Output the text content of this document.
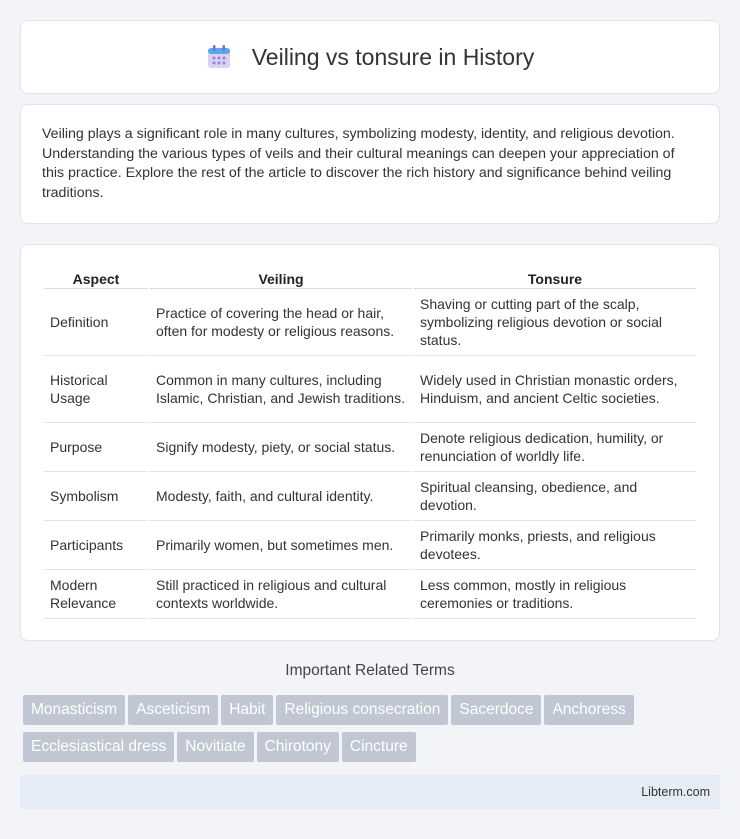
Veiling vs tonsure in History

Veiling plays a significant role in many cultures, symbolizing modesty, identity, and religious devotion. Understanding the various types of veils and their cultural meanings can deepen your appreciation of this practice. Explore the rest of the article to discover the rich history and significance behind veiling traditions.

Aspect	Veiling	Tonsure
Definition	Practice of covering the head or hair, often for modesty or religious reasons.	Shaving or cutting part of the scalp, symbolizing religious devotion or social status.
Historical Usage	Common in many cultures, including Islamic, Christian, and Jewish traditions.	Widely used in Christian monastic orders, Hinduism, and ancient Celtic societies.
Purpose	Signify modesty, piety, or social status.	Denote religious dedication, humility, or renunciation of worldly life.
Symbolism	Modesty, faith, and cultural identity.	Spiritual cleansing, obedience, and devotion.
Participants	Primarily women, but sometimes men.	Primarily monks, priests, and religious devotees.
Modern Relevance	Still practiced in religious and cultural contexts worldwide.	Less common, mostly in religious ceremonies or traditions.
Important Related Terms
Monasticism	Asceticism	Habit	Religious consecration	Sacerdoce	Anchoress
Ecclesiastical dress	Novitiate	Chirotony	Cincture
Libterm.com
